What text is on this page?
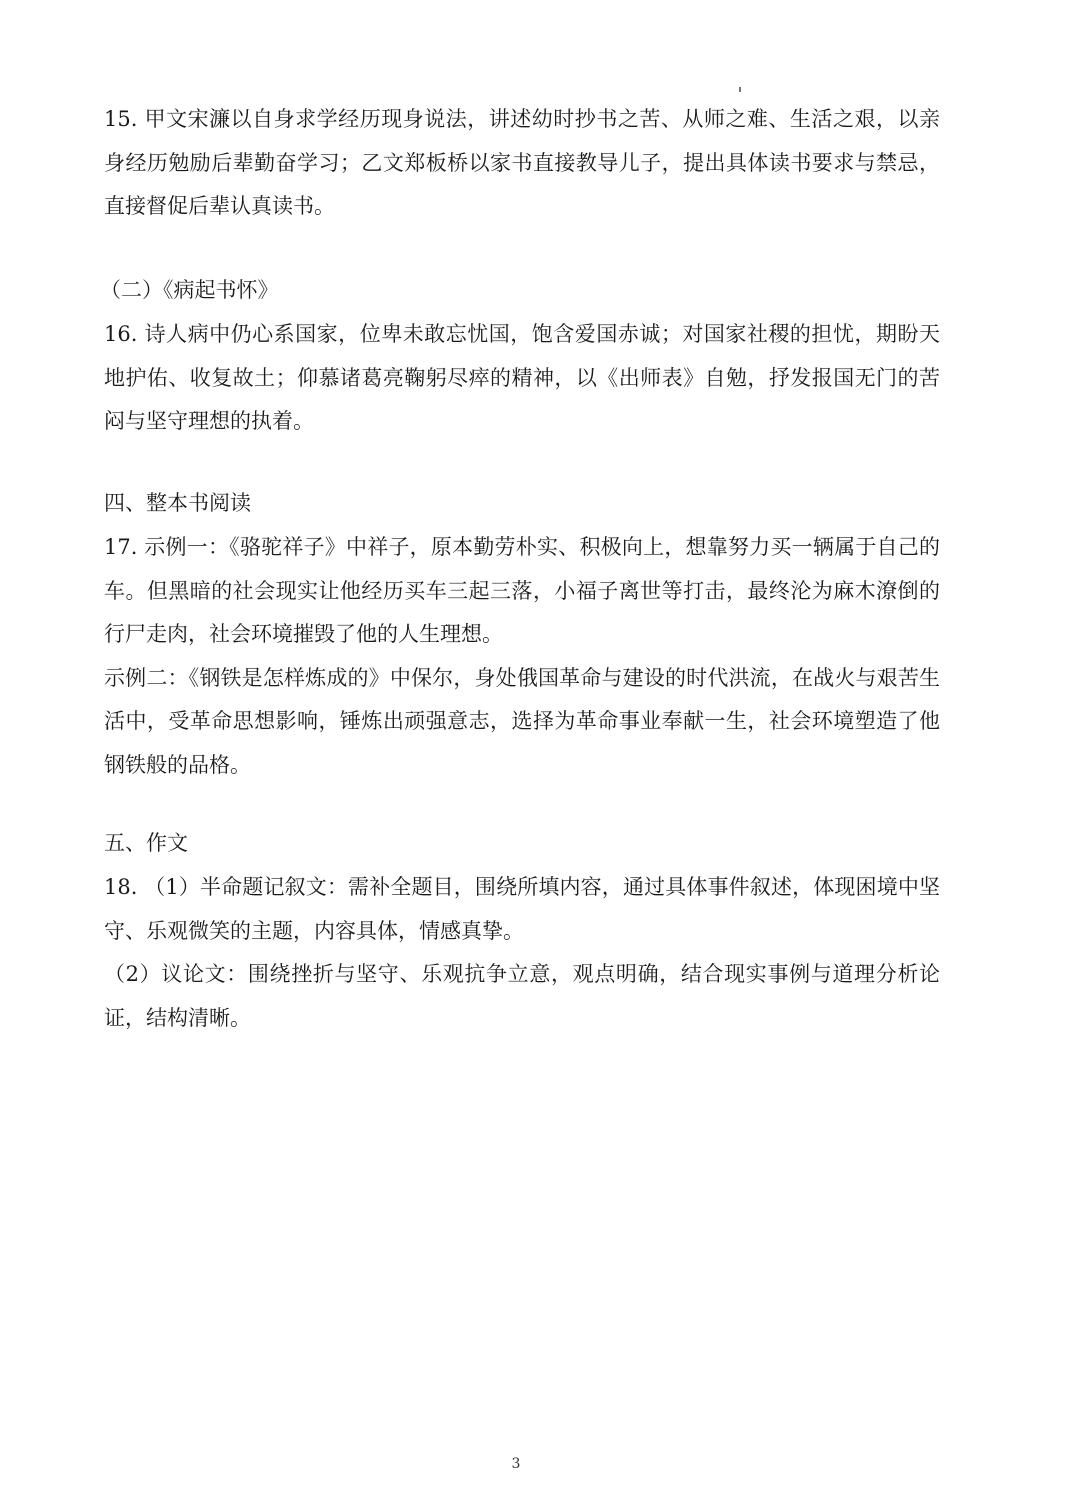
15. 甲文宋濂以自身求学经历现身说法，讲述幼时抄书之苦、从师之难、生活之艰，以亲身经历勉励后辈勤奋学习；乙文郑板桥以家书直接教导儿子，提出具体读书要求与禁忌，直接督促后辈认真读书。

（二）《病起书怀》

16. 诗人病中仍心系国家，位卑未敢忘忧国，饱含爱国赤诚；对国家社稷的担忧，期盼天地护佑、收复故土；仰慕诸葛亮鞠躬尽瘁的精神，以《出师表》自勉，抒发报国无门的苦闷与坚守理想的执着。

四、整本书阅读

17. 示例一：《骆驼祥子》中祥子，原本勤劳朴实、积极向上，想靠努力买一辆属于自己的车。但黑暗的社会现实让他经历买车三起三落，小福子离世等打击，最终沦为麻木潦倒的行尸走肉，社会环境摧毁了他的人生理想。

示例二：《钢铁是怎样炼成的》中保尔，身处俄国革命与建设的时代洪流，在战火与艰苦生活中，受革命思想影响，锤炼出顽强意志，选择为革命事业奉献一生，社会环境塑造了他钢铁般的品格。

五、作文

18. （1）半命题记叙文：需补全题目，围绕所填内容，通过具体事件叙述，体现困境中坚守、乐观微笑的主题，内容具体，情感真挚。

（2）议论文：围绕挫折与坚守、乐观抗争立意，观点明确，结合现实事例与道理分析论证，结构清晰。

3
